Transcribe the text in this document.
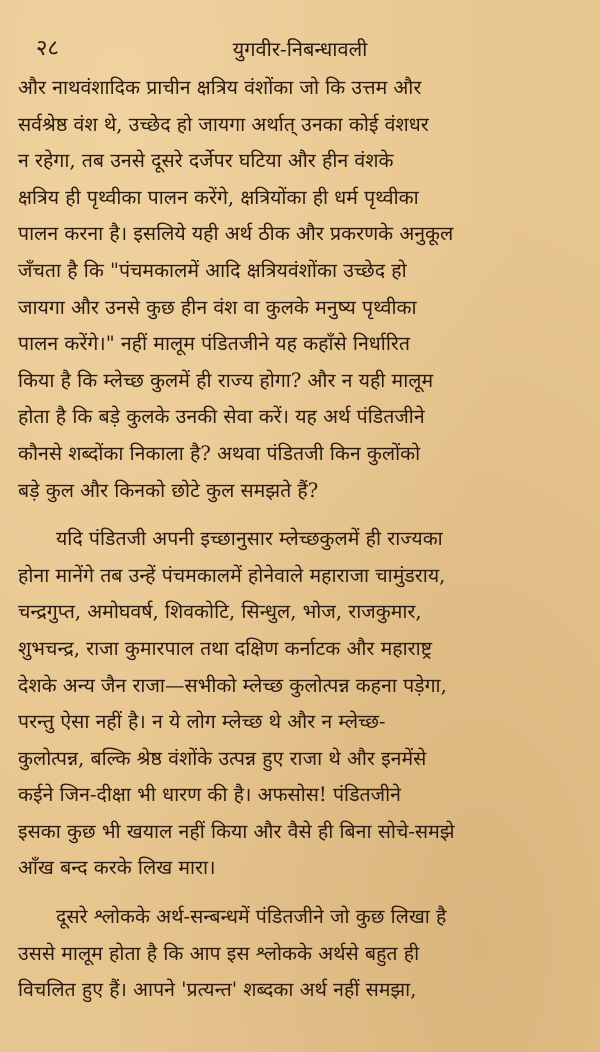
२८	युगवीर-निबन्धावली

और नाथवंशादिक प्राचीन क्षत्रिय वंशोंका जो कि उत्तम और
सर्वश्रेष्ठ वंश थे, उच्छेद हो जायगा अर्थात् उनका कोई वंशधर
न रहेगा, तब उनसे दूसरे दर्जेपर घटिया और हीन वंशके
क्षत्रिय ही पृथ्वीका पालन करेंगे, क्षत्रियोंका ही धर्म पृथ्वीका
पालन करना है। इसलिये यही अर्थ ठीक और प्रकरणके अनुकूल
जँचता है कि "पंचमकालमें आदि क्षत्रियवंशोंका उच्छेद हो
जायगा और उनसे कुछ हीन वंश वा कुलके मनुष्य पृथ्वीका
पालन करेंगे।" नहीं मालूम पंडितजीने यह कहाँसे निर्धारित
किया है कि म्लेच्छ कुलमें ही राज्य होगा? और न यही मालूम
होता है कि बड़े कुलके उनकी सेवा करें। यह अर्थ पंडितजीने
कौनसे शब्दोंका निकाला है? अथवा पंडितजी किन कुलोंको
बड़े कुल और किनको छोटे कुल समझते हैं?

यदि पंडितजी अपनी इच्छानुसार म्लेच्छकुलमें ही राज्यका
होना मानेंगे तब उन्हें पंचमकालमें होनेवाले महाराजा चामुंडराय,
चन्द्रगुप्त, अमोघवर्ष, शिवकोटि, सिन्धुल, भोज, राजकुमार,
शुभचन्द्र, राजा कुमारपाल तथा दक्षिण कर्नाटक और महाराष्ट्र
देशके अन्य जैन राजा—सभीको म्लेच्छ कुलोत्पन्न कहना पड़ेगा,
परन्तु ऐसा नहीं है। न ये लोग म्लेच्छ थे और न म्लेच्छ-
कुलोत्पन्न, बल्कि श्रेष्ठ वंशोंके उत्पन्न हुए राजा थे और इनमेंसे
कईने जिन-दीक्षा भी धारण की है। अफसोस! पंडितजीने
इसका कुछ भी खयाल नहीं किया और वैसे ही बिना सोचे-समझे
आँख बन्द करके लिख मारा।

दूसरे श्लोकके अर्थ-सन्बन्धमें पंडितजीने जो कुछ लिखा है
उससे मालूम होता है कि आप इस श्लोकके अर्थसे बहुत ही
विचलित हुए हैं। आपने 'प्रत्यन्त' शब्दका अर्थ नहीं समझा,
